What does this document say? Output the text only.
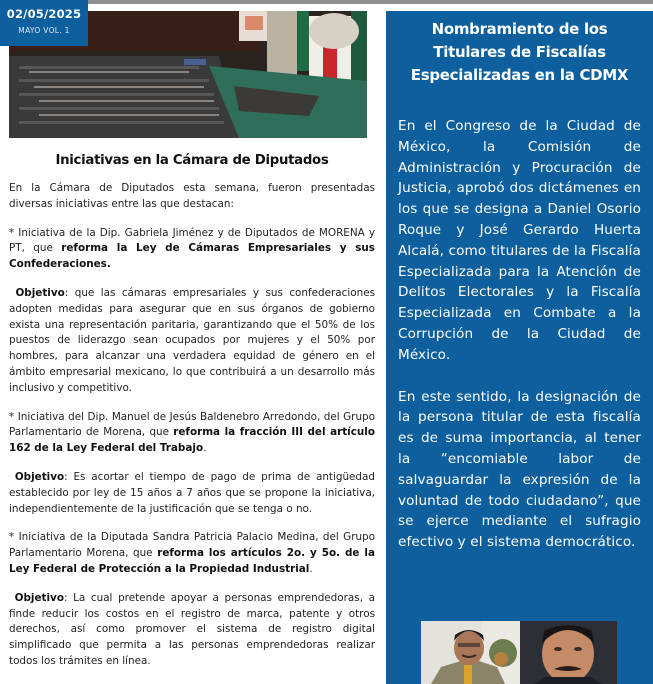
02/05/2025
MAYO VOL. 1
Iniciativas en la Cámara de Diputados

En la Cámara de Diputados esta semana, fueron presentadas diversas iniciativas entre las que destacan:

* Iniciativa de la Dip. Gabriela Jiménez y de Diputados de MORENA y PT, que reforma la Ley de Cámaras Empresariales y sus Confederaciones.

Objetivo: que las cámaras empresariales y sus confederaciones adopten medidas para asegurar que en sus órganos de gobierno exista una representación paritaria, garantizando que el 50% de los puestos de liderazgo sean ocupados por mujeres y el 50% por hombres, para alcanzar una verdadera equidad de género en el ámbito empresarial mexicano, lo que contribuirá a un desarrollo más inclusivo y competitivo.

* Iniciativa del Dip. Manuel de Jesús Baldenebro Arredondo, del Grupo Parlamentario de Morena, que reforma la fracción III del artículo 162 de la Ley Federal del Trabajo.

Objetivo: Es acortar el tiempo de pago de prima de antigüedad establecido por ley de 15 años a 7 años que se propone la iniciativa, independientemente de la justificación que se tenga o no.

* Iniciativa de la Diputada Sandra Patricia Palacio Medina, del Grupo Parlamentario Morena, que reforma los artículos 2o. y 5o. de la Ley Federal de Protección a la Propiedad Industrial.

Objetivo: La cual pretende apoyar a personas emprendedoras, a finde reducir los costos en el registro de marca, patente y otros derechos, así como promover el sistema de registro digital simplificado que permita a las personas emprendedoras realizar todos los trámites en línea.

Nombramiento de los Titulares de Fiscalías Especializadas en la CDMX
En el Congreso de la Ciudad de México, la Comisión de Administración y Procuración de Justicia, aprobó dos dictámenes en los que se designa a Daniel Osorio Roque y José Gerardo Huerta Alcalá, como titulares de la Fiscalía Especializada para la Atención de Delitos Electorales y la Fiscalía Especializada en Combate a la Corrupción de la Ciudad de México.
En este sentido, la designación de la persona titular de esta fiscalía es de suma importancia, al tener la “encomiable labor de salvaguardar la expresión de la voluntad de todo ciudadano”, que se ejerce mediante el sufragio efectivo y el sistema democrático.
